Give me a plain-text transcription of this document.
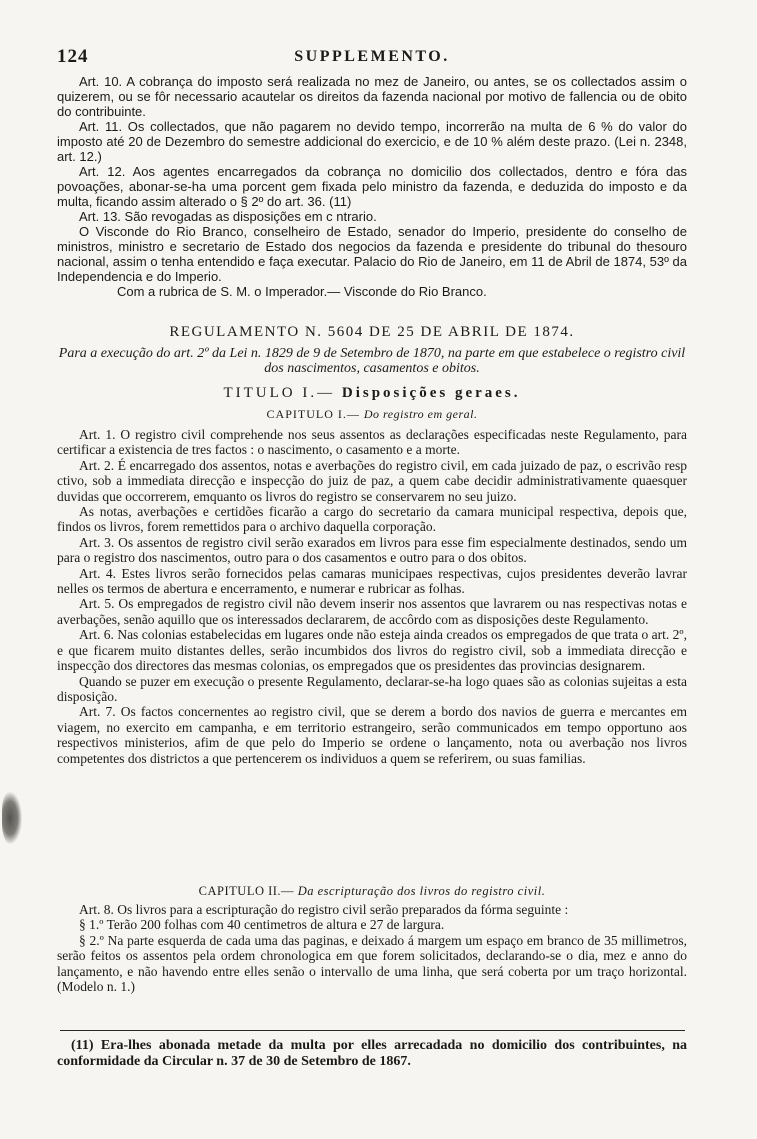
124	SUPPLEMENTO.

Art. 10. A cobrança do imposto será realizada no mez de Janeiro, ou antes, se os collectados assim o quizerem, ou se fôr necessario acautelar os direitos da fazenda nacional por motivo de fallencia ou de obito do contribuinte.

Art. 11. Os collectados, que não pagarem no devido tempo, incorrerão na multa de 6 % do valor do imposto até 20 de Dezembro do semestre addicional do exercicio, e de 10 % além deste prazo. (Lei n. 2348, art. 12.)

Art. 12. Aos agentes encarregados da cobrança no domicilio dos collectados, dentro e fóra das povoações, abonar-se-ha uma porcent gem fixada pelo ministro da fazenda, e deduzida do imposto e da multa, ficando assim alterado o § 2º do art. 36. (11)

Art. 13. São revogadas as disposições em c ntrario.

O Visconde do Rio Branco, conselheiro de Estado, senador do Imperio, presidente do conselho de ministros, ministro e secretario de Estado dos negocios da fazenda e presidente do tribunal do thesouro nacional, assim o tenha entendido e faça executar. Palacio do Rio de Janeiro, em 11 de Abril de 1874, 53º da Independencia e do Imperio.

Com a rubrica de S. M. o Imperador.— Visconde do Rio Branco.

REGULAMENTO N. 5604 DE 25 DE ABRIL DE 1874.
Para a execução do art. 2º da Lei n. 1829 de 9 de Setembro de 1870, na parte em que estabelece o registro civil dos nascimentos, casamentos e obitos.
TITULO I.— Disposições geraes.
CAPITULO I.— Do registro em geral.

Art. 1. O registro civil comprehende nos seus assentos as declarações especificadas neste Regulamento, para certificar a existencia de tres factos : o nascimento, o casamento e a morte.

Art. 2. É encarregado dos assentos, notas e averbações do registro civil, em cada juizado de paz, o escrivão resp ctivo, sob a immediata direcção e inspecção do juiz de paz, a quem cabe decidir administrativamente quaesquer duvidas que occorrerem, emquanto os livros do registro se conservarem no seu juizo.

As notas, averbações e certidões ficarão a cargo do secretario da camara municipal respectiva, depois que, findos os livros, forem remettidos para o archivo daquella corporação.

Art. 3. Os assentos de registro civil serão exarados em livros para esse fim especialmente destinados, sendo um para o registro dos nascimentos, outro para o dos casamentos e outro para o dos obitos.

Art. 4. Estes livros serão fornecidos pelas camaras municipaes respectivas, cujos presidentes deverão lavrar nelles os termos de abertura e encerramento, e numerar e rubricar as folhas.

Art. 5. Os empregados de registro civil não devem inserir nos assentos que lavrarem ou nas respectivas notas e averbações, senão aquillo que os interessados declararem, de accôrdo com as disposições deste Regulamento.

Art. 6. Nas colonias estabelecidas em lugares onde não esteja ainda creados os empregados de que trata o art. 2º, e que ficarem muito distantes delles, serão incumbidos dos livros do registro civil, sob a immediata direcção e inspecção dos directores das mesmas colonias, os empregados que os presidentes das provincias designarem.

Quando se puzer em execução o presente Regulamento, declarar-se-ha logo quaes são as colonias sujeitas a esta disposição.

Art. 7. Os factos concernentes ao registro civil, que se derem a bordo dos navios de guerra e mercantes em viagem, no exercito em campanha, e em territorio estrangeiro, serão communicados em tempo opportuno aos respectivos ministerios, afim de que pelo do Imperio se ordene o lançamento, nota ou averbação nos livros competentes dos districtos a que pertencerem os individuos a quem se referirem, ou suas familias.

CAPITULO II.— Da escripturação dos livros do registro civil.

Art. 8. Os livros para a escripturação do registro civil serão preparados da fórma seguinte :

§ 1.º Terão 200 folhas com 40 centimetros de altura e 27 de largura.

§ 2.º Na parte esquerda de cada uma das paginas, e deixado á margem um espaço em branco de 35 millimetros, serão feitos os assentos pela ordem chronologica em que forem solicitados, declarando-se o dia, mez e anno do lançamento, e não havendo entre elles senão o intervallo de uma linha, que será coberta por um traço horizontal. (Modelo n. 1.)

(11) Era-lhes abonada metade da multa por elles arrecadada no domicilio dos contribuintes, na conformidade da Circular n. 37 de 30 de Setembro de 1867.
